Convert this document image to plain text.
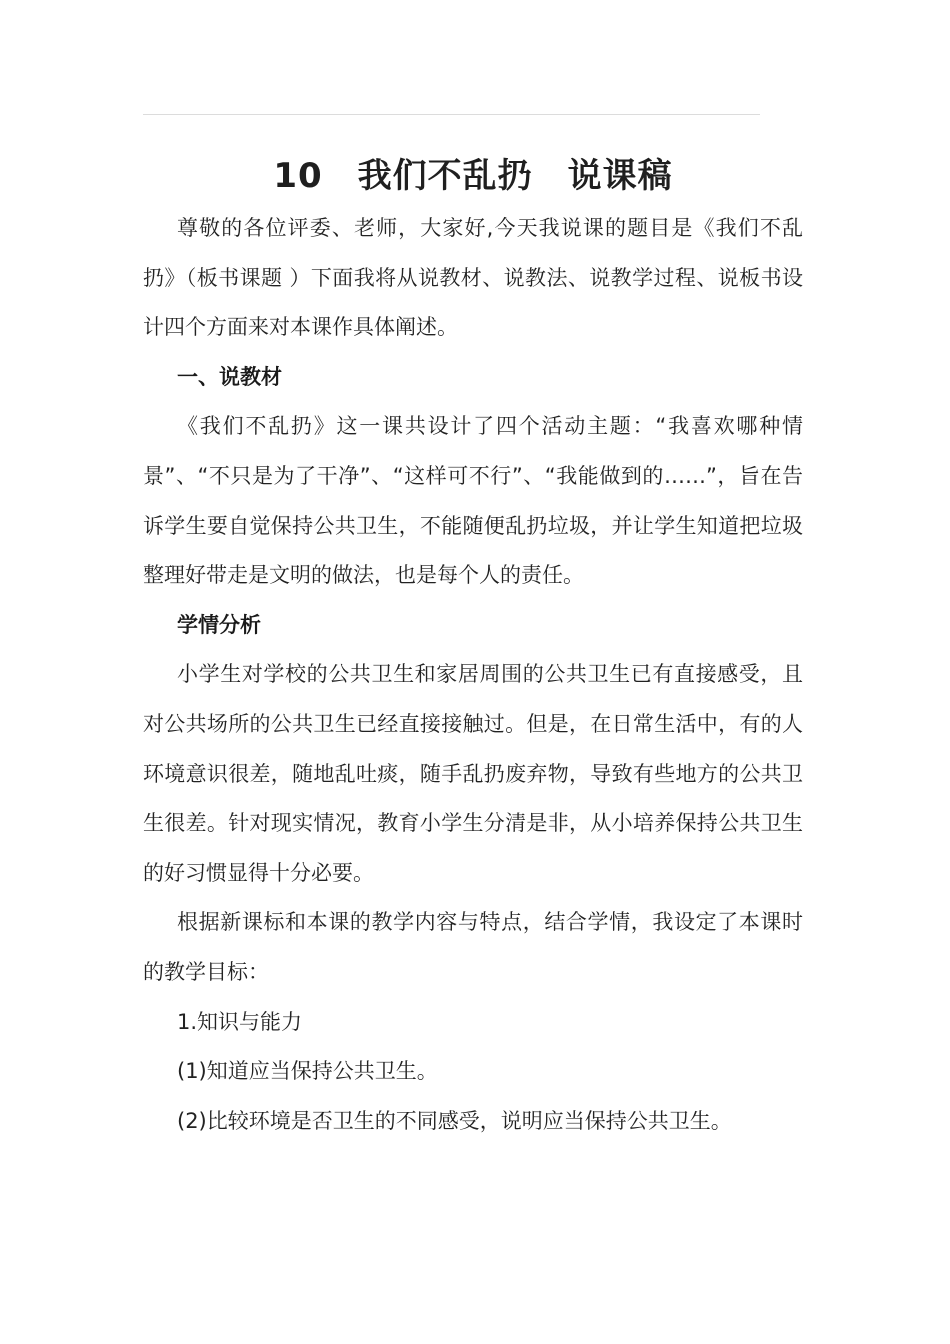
10　我们不乱扔　说课稿

尊敬的各位评委、老师，大家好,今天我说课的题目是《我们不乱扔》（板书课题 ）下面我将从说教材、说教法、说教学过程、说板书设计四个方面来对本课作具体阐述。

一、说教材

《我们不乱扔》这一课共设计了四个活动主题：“我喜欢哪种情景”、“不只是为了干净”、“这样可不行”、“我能做到的……”，旨在告诉学生要自觉保持公共卫生，不能随便乱扔垃圾，并让学生知道把垃圾整理好带走是文明的做法，也是每个人的责任。

学情分析

小学生对学校的公共卫生和家居周围的公共卫生已有直接感受，且对公共场所的公共卫生已经直接接触过。但是，在日常生活中，有的人环境意识很差，随地乱吐痰，随手乱扔废弃物，导致有些地方的公共卫生很差。针对现实情况，教育小学生分清是非，从小培养保持公共卫生的好习惯显得十分必要。

根据新课标和本课的教学内容与特点，结合学情，我设定了本课时的教学目标：

1.知识与能力

(1)知道应当保持公共卫生。

(2)比较环境是否卫生的不同感受，说明应当保持公共卫生。
